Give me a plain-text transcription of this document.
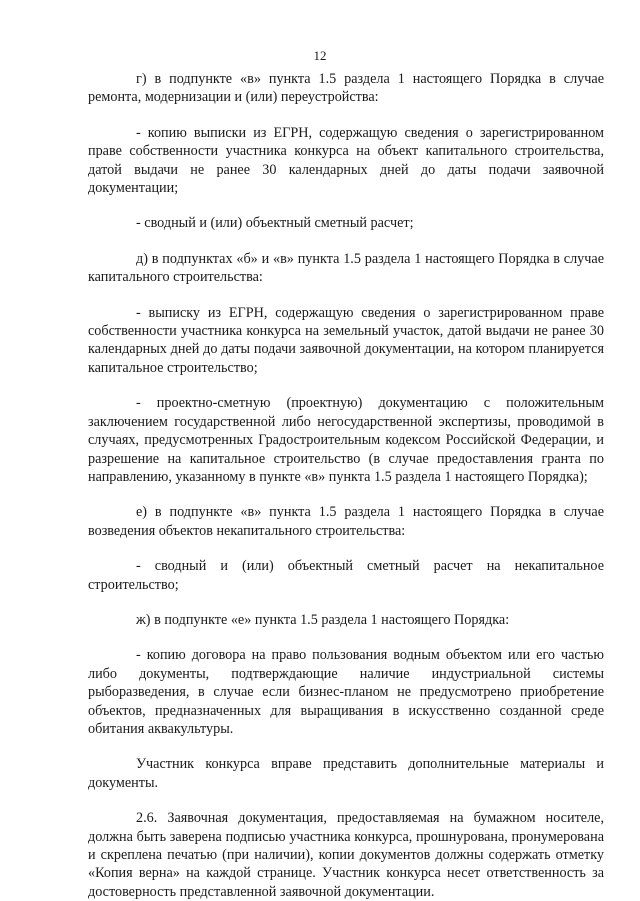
12

г) в подпункте «в» пункта 1.5 раздела 1 настоящего Порядка в случае ремонта, модернизации и (или) переустройства:

- копию выписки из ЕГРН, содержащую сведения о зарегистрированном праве собственности участника конкурса на объект капитального строительства, датой выдачи не ранее 30 календарных дней до даты подачи заявочной документации;

- сводный и (или) объектный сметный расчет;

д) в подпунктах «б» и «в» пункта 1.5 раздела 1 настоящего Порядка в случае капитального строительства:

- выписку из ЕГРН, содержащую сведения о зарегистрированном праве собственности участника конкурса на земельный участок, датой выдачи не ранее 30 календарных дней до даты подачи заявочной документации, на котором планируется капитальное строительство;

- проектно-сметную (проектную) документацию с положительным заключением государственной либо негосударственной экспертизы, проводимой в случаях, предусмотренных Градостроительным кодексом Российской Федерации, и разрешение на капитальное строительство (в случае предоставления гранта по направлению, указанному в пункте «в» пункта 1.5 раздела 1 настоящего Порядка);

е) в подпункте «в» пункта 1.5 раздела 1 настоящего Порядка в случае возведения объектов некапитального строительства:

- сводный и (или) объектный сметный расчет на некапитальное строительство;

ж) в подпункте «е» пункта 1.5 раздела 1 настоящего Порядка:

- копию договора на право пользования водным объектом или его частью либо документы, подтверждающие наличие индустриальной системы рыборазведения, в случае если бизнес-планом не предусмотрено приобретение объектов, предназначенных для выращивания в искусственно созданной среде обитания аквакультуры.

Участник конкурса вправе представить дополнительные материалы и документы.

2.6. Заявочная документация, предоставляемая на бумажном носителе, должна быть заверена подписью участника конкурса, прошнурована, пронумерована и скреплена печатью (при наличии), копии документов должны содержать отметку «Копия верна» на каждой странице. Участник конкурса несет ответственность за достоверность представленной заявочной документации.
